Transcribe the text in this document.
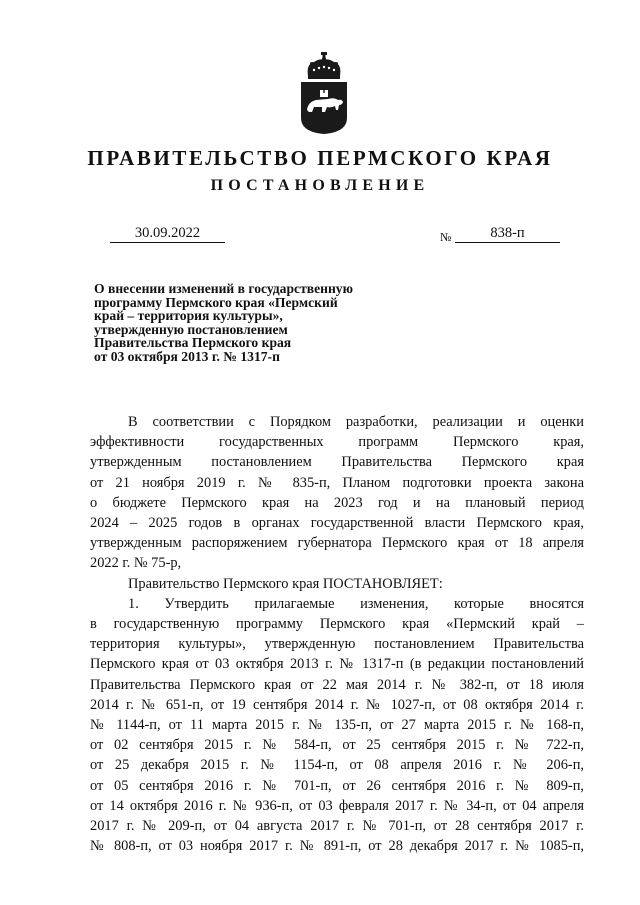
ПРАВИТЕЛЬСТВО ПЕРМСКОГО КРАЯ
ПОСТАНОВЛЕНИЕ
30.09.2022	№	838-п
О внесении изменений в государственную
программу Пермского края «Пермский
край – территория культуры»,
утвержденную постановлением
Правительства Пермского края
от 03 октября 2013 г. № 1317-п
В соответствии с Порядком разработки, реализации и оценки
эффективности государственных программ Пермского края,
утвержденным постановлением Правительства Пермского края
от 21 ноября 2019 г. № 835-п, Планом подготовки проекта закона
о бюджете Пермского края на 2023 год и на плановый период
2024 – 2025 годов в органах государственной власти Пермского края,
утвержденным распоряжением губернатора Пермского края от 18 апреля
2022 г. № 75-р,
Правительство Пермского края ПОСТАНОВЛЯЕТ:
1. Утвердить прилагаемые изменения, которые вносятся
в государственную программу Пермского края «Пермский край –
территория культуры», утвержденную постановлением Правительства
Пермского края от 03 октября 2013 г. № 1317-п (в редакции постановлений
Правительства Пермского края от 22 мая 2014 г. № 382-п, от 18 июля
2014 г. № 651-п, от 19 сентября 2014 г. № 1027-п, от 08 октября 2014 г.
№ 1144-п, от 11 марта 2015 г. № 135-п, от 27 марта 2015 г. № 168-п,
от 02 сентября 2015 г. № 584-п, от 25 сентября 2015 г. № 722-п,
от 25 декабря 2015 г. № 1154-п, от 08 апреля 2016 г. № 206-п,
от 05 сентября 2016 г. № 701-п, от 26 сентября 2016 г. № 809-п,
от 14 октября 2016 г. № 936-п, от 03 февраля 2017 г. № 34-п, от 04 апреля
2017 г. № 209-п, от 04 августа 2017 г. № 701-п, от 28 сентября 2017 г.
№ 808-п, от 03 ноября 2017 г. № 891-п, от 28 декабря 2017 г. № 1085-п,
